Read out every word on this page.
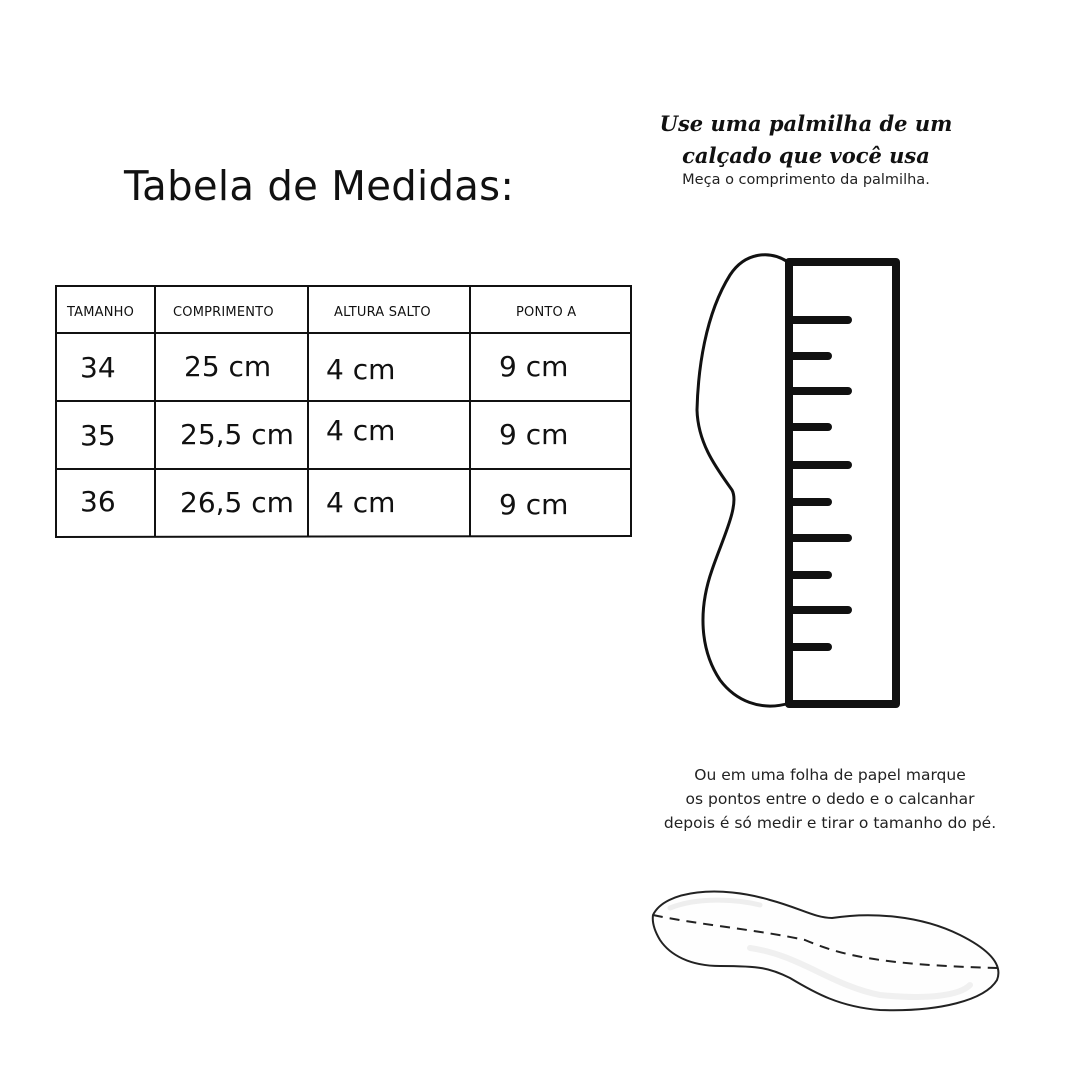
Tabela de Medidas:
TAMANHO	COMPRIMENTO	ALTURA SALTO	PONTO A
34 25 cm 4 cm	9 cm
35 25,5 cm 4 cm	9 cm
36 26,5 cm 4 cm	9 cm
Use uma palmilha de um
calçado que você usa
Meça o comprimento da palmilha.
Ou em uma folha de papel marque
os pontos entre o dedo e o calcanhar
depois é só medir e tirar o tamanho do pé.
